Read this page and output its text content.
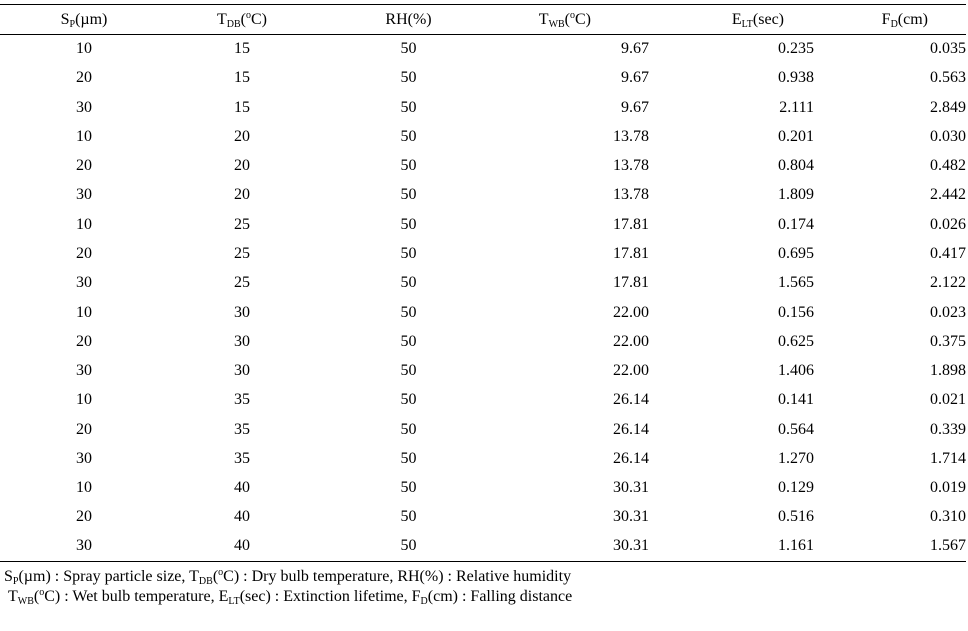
$S_P(\mu m)$	$T_{DB}(^oC)$	RH(%)	$T_{WB}(^oC)$	$E_{LT}(\sec)$	$F_D(cm)$
10	15	50	9.67	0.235	0.035
20	15	50	9.67	0.938	0.563
30	15	50	9.67	2.111	2.849
10	20	50	13.78	0.201	0.030
20	20	50	13.78	0.804	0.482
30	20	50	13.78	1.809	2.442
10	25	50	17.81	0.174	0.026
20	25	50	17.81	0.695	0.417
30	25	50	17.81	1.565	2.122
10	30	50	22.00	0.156	0.023
20	30	50	22.00	0.625	0.375
30	30	50	22.00	1.406	1.898
10	35	50	26.14	0.141	0.021
20	35	50	26.14	0.564	0.339
30	35	50	26.14	1.270	1.714
10	40	50	30.31	0.129	0.019
20	40	50	30.31	0.516	0.310
30	40	50	30.31	1.161	1.567
$S_P(\mu m)$ : Spray particle size, $T_{DB}(^oC)$ : Dry bulb temperature, RH(%) : Relative humidity
$T_{WB}(^oC)$ : Wet bulb temperature, $E_{LT}(\sec)$ : Extinction lifetime, $F_D(cm)$ : Falling distance
